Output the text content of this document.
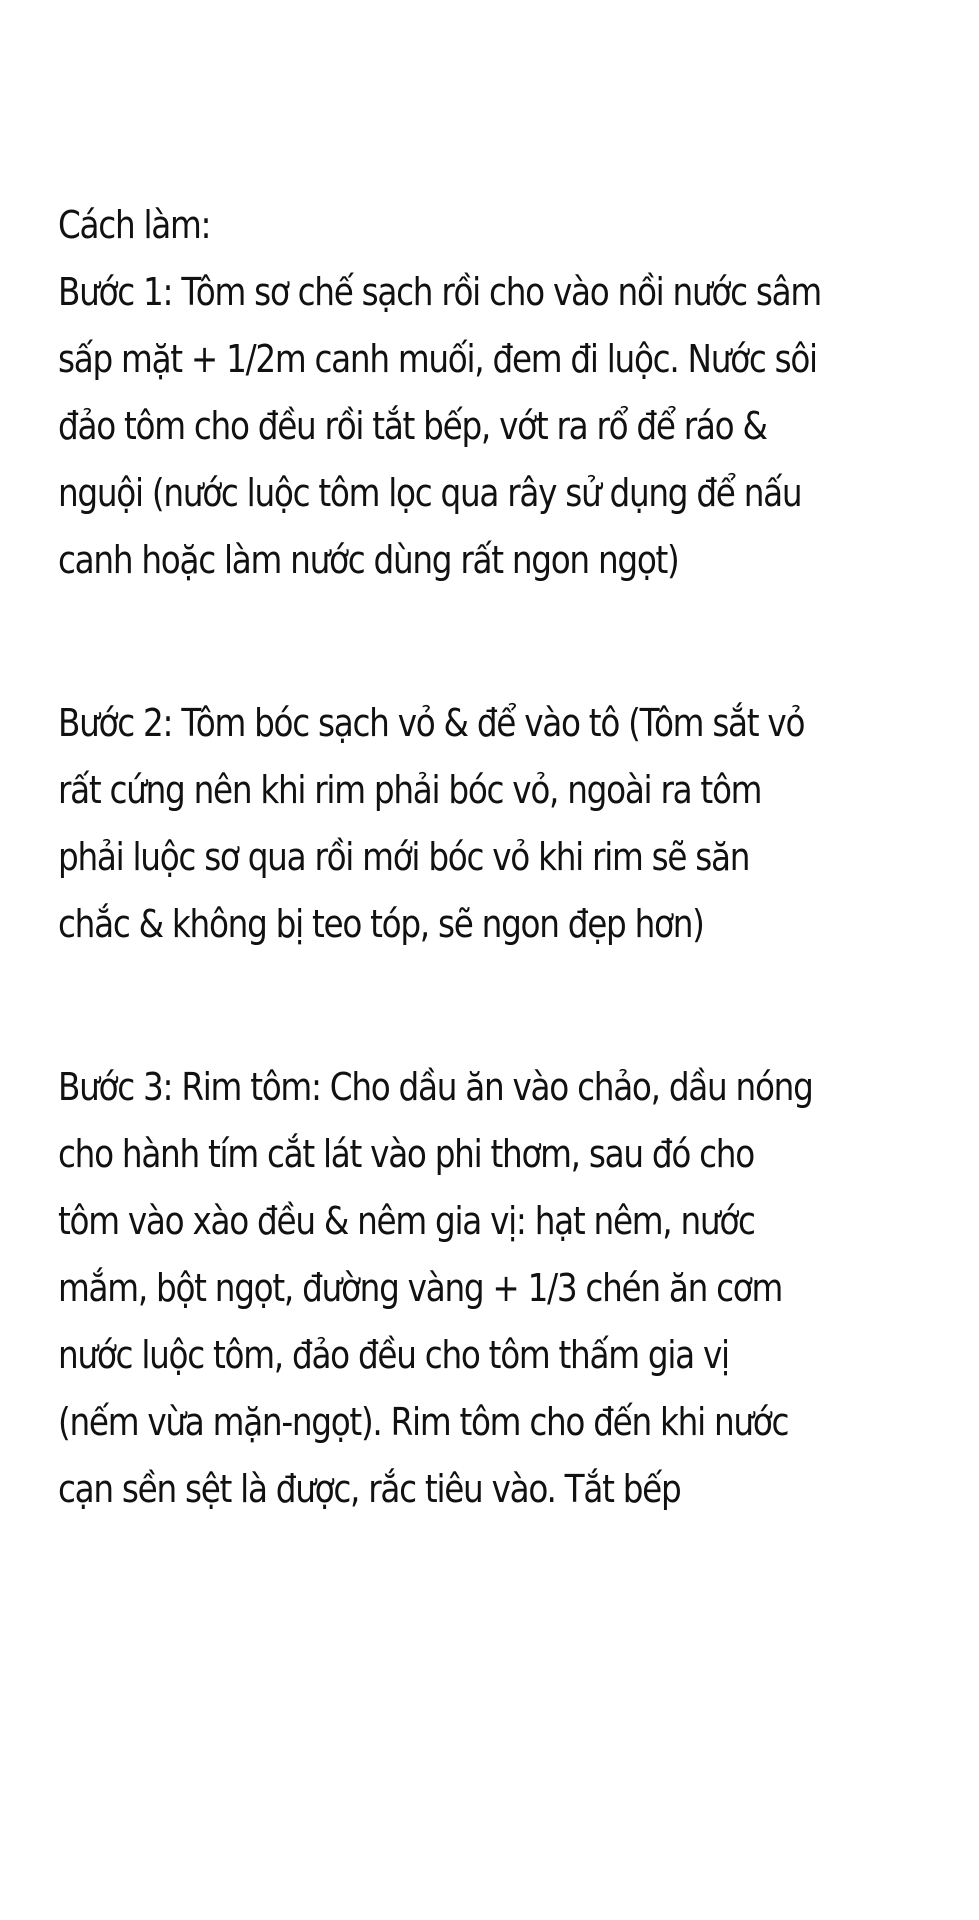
Cách làm:
Bước 1: Tôm sơ chế sạch rồi cho vào nồi nước sâm
sấp mặt + 1/2m canh muối, đem đi luộc. Nước sôi
đảo tôm cho đều rồi tắt bếp, vớt ra rổ để ráo &
nguội (nước luộc tôm lọc qua rây sử dụng để nấu
canh hoặc làm nước dùng rất ngon ngọt)
Bước 2: Tôm bóc sạch vỏ & để vào tô (Tôm sắt vỏ
rất cứng nên khi rim phải bóc vỏ, ngoài ra tôm
phải luộc sơ qua rồi mới bóc vỏ khi rim sẽ săn
chắc & không bị teo tóp, sẽ ngon đẹp hơn)
Bước 3: Rim tôm: Cho dầu ăn vào chảo, dầu nóng
cho hành tím cắt lát vào phi thơm, sau đó cho
tôm vào xào đều & nêm gia vị: hạt nêm, nước
mắm, bột ngọt, đường vàng + 1/3 chén ăn cơm
nước luộc tôm, đảo đều cho tôm thấm gia vị
(nếm vừa mặn-ngọt). Rim tôm cho đến khi nước
cạn sền sệt là được, rắc tiêu vào. Tắt bếp
